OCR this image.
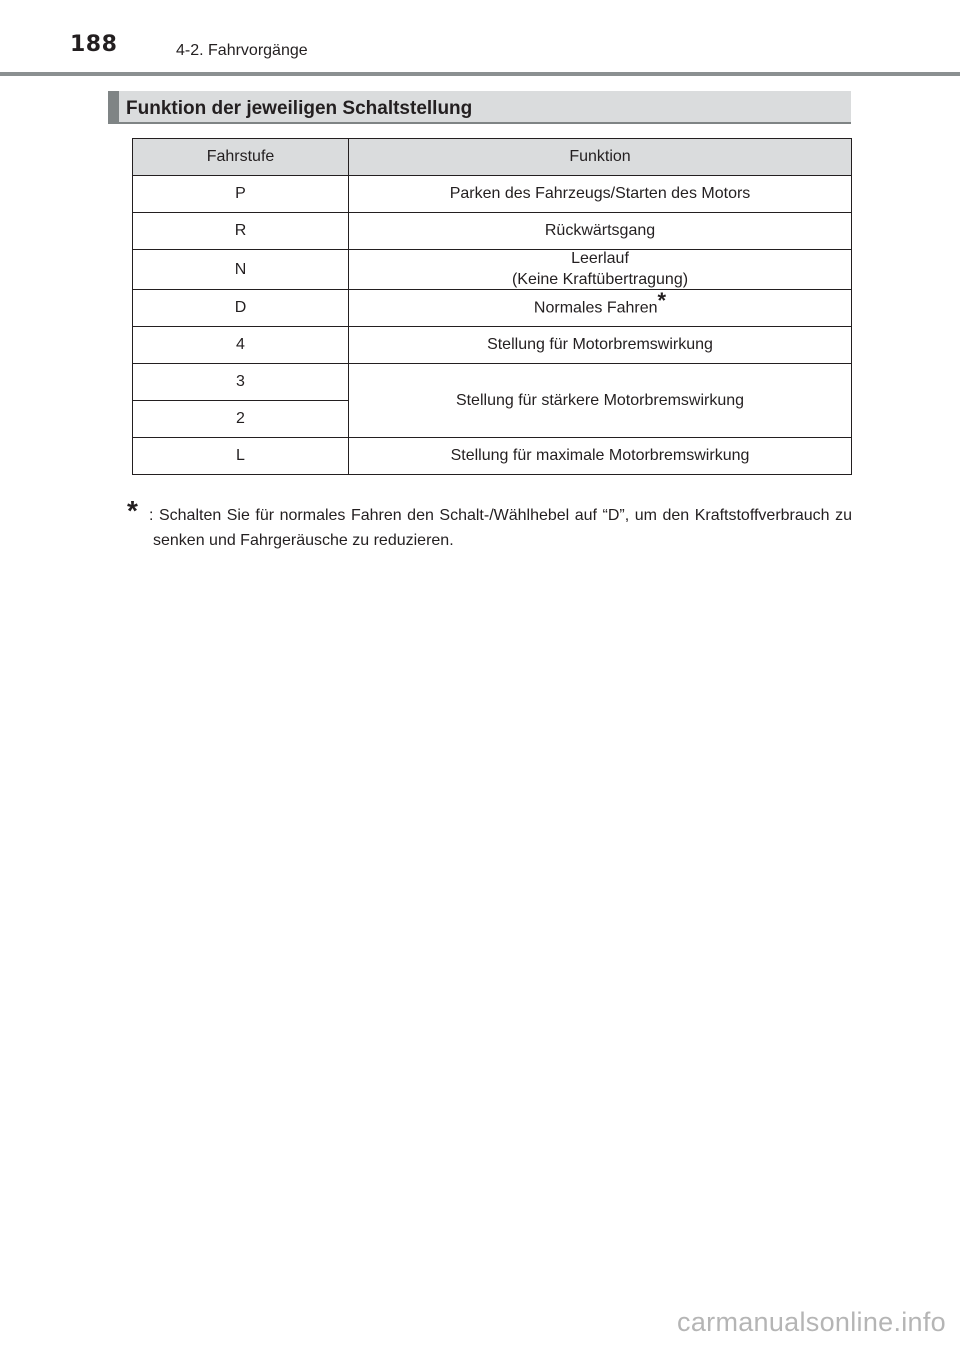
188	4-2. Fahrvorgänge
Funktion der jeweiligen Schaltstellung
Fahrstufe	Funktion
P	Parken des Fahrzeugs/Starten des Motors
R	Rückwärtsgang
N	Leerlauf
(Keine Kraftübertragung)

D	Normales Fahren*
4	Stellung für Motorbremswirkung
3	Stellung für stärkere Motorbremswirkung
2	
L	Stellung für maximale Motorbremswirkung
* : Schalten Sie für normales Fahren den Schalt-/Wählhebel auf “D”, um den Kraftstoffverbrauch zu senken und Fahrgeräusche zu reduzieren.
carmanualsonline.info
